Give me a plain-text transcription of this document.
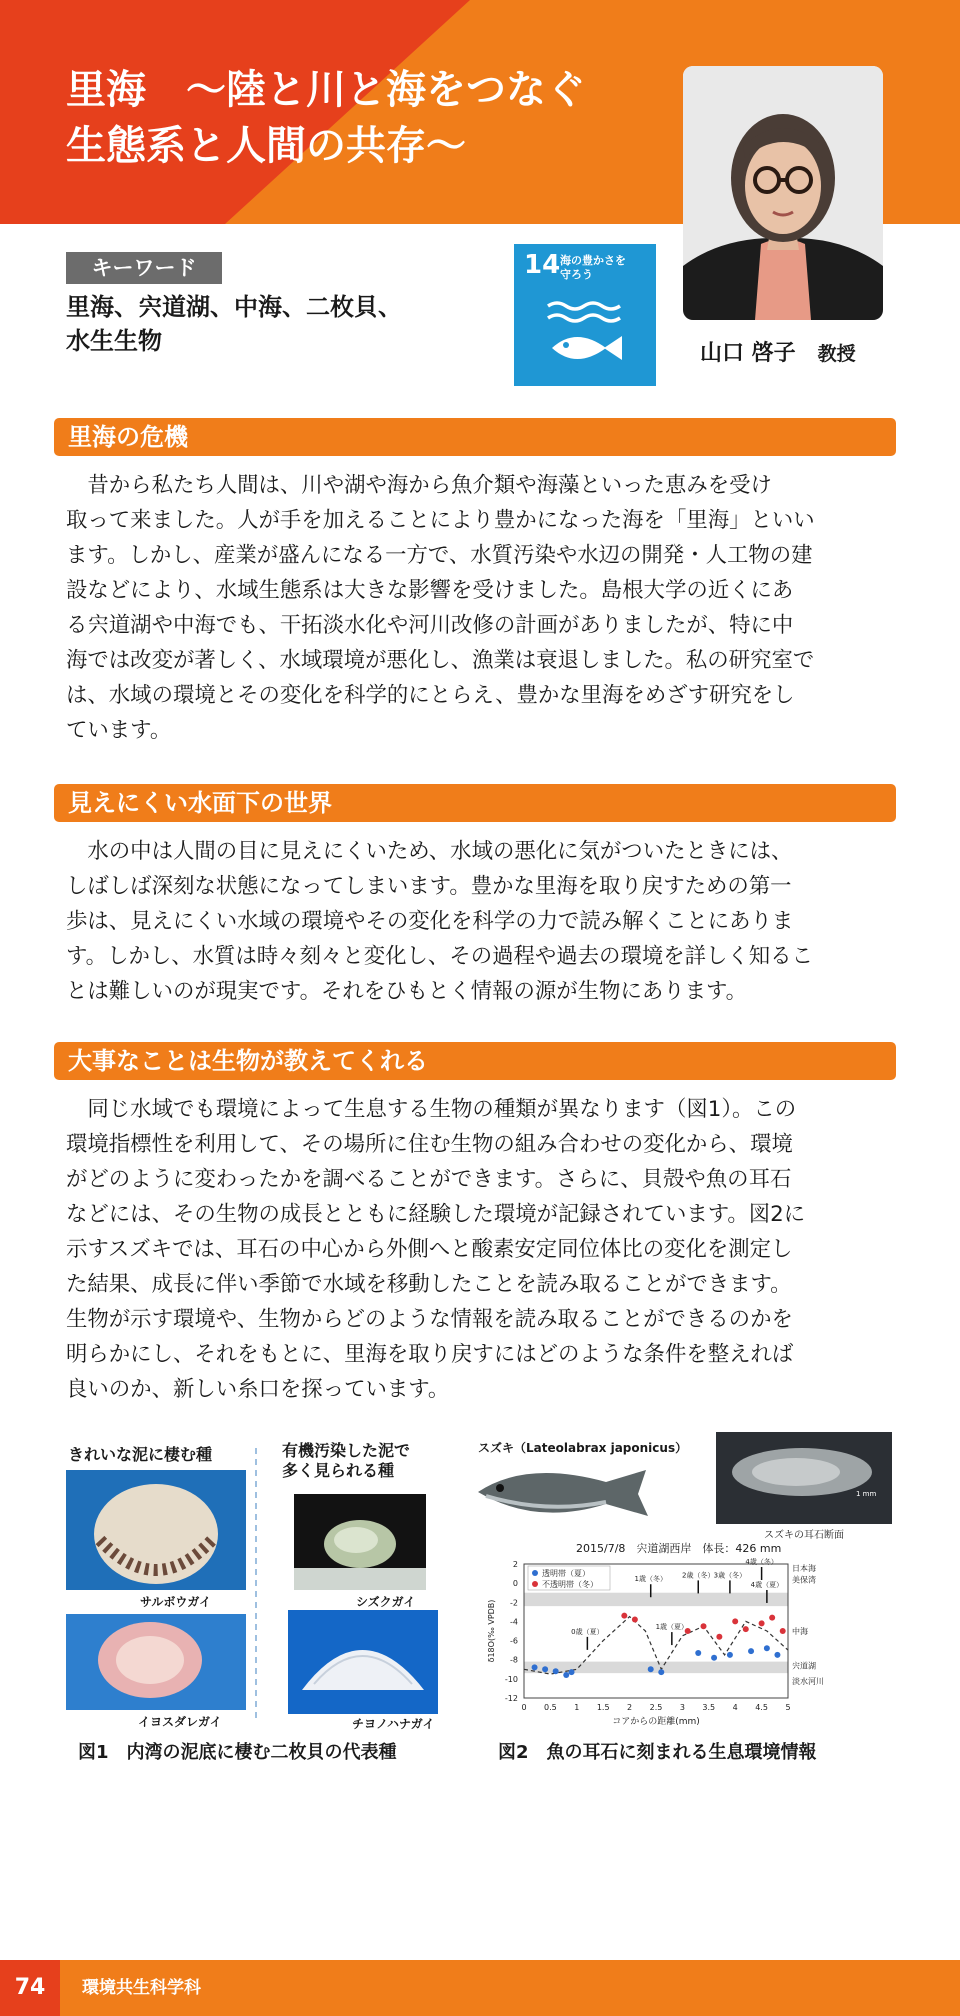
里海　～陸と川と海をつなぐ
生態系と人間の共存～
キーワード
里海、宍道湖、中海、二枚貝、
水生生物
14 海の豊かさを
守ろう
山口 啓子 教授
里海の危機
　昔から私たち人間は、川や湖や海から魚介類や海藻といった恵みを受け
取って来ました。人が手を加えることにより豊かになった海を「里海」といい
ます。しかし、産業が盛んになる一方で、水質汚染や水辺の開発・人工物の建
設などにより、水域生態系は大きな影響を受けました。島根大学の近くにあ
る宍道湖や中海でも、干拓淡水化や河川改修の計画がありましたが、特に中
海では改変が著しく、水域環境が悪化し、漁業は衰退しました。私の研究室で
は、水域の環境とその変化を科学的にとらえ、豊かな里海をめざす研究をし
ています。
見えにくい水面下の世界
　水の中は人間の目に見えにくいため、水域の悪化に気がついたときには、
しばしば深刻な状態になってしまいます。豊かな里海を取り戻すための第一
歩は、見えにくい水域の環境やその変化を科学の力で読み解くことにありま
す。しかし、水質は時々刻々と変化し、その過程や過去の環境を詳しく知るこ
とは難しいのが現実です。それをひもとく情報の源が生物にあります。
大事なことは生物が教えてくれる
　同じ水域でも環境によって生息する生物の種類が異なります（図1）。この
環境指標性を利用して、その場所に住む生物の組み合わせの変化から、環境
がどのように変わったかを調べることができます。さらに、貝殻や魚の耳石
などには、その生物の成長とともに経験した環境が記録されています。図2に
示すスズキでは、耳石の中心から外側へと酸素安定同位体比の変化を測定し
た結果、成長に伴い季節で水域を移動したことを読み取ることができます。
生物が示す環境や、生物からどのような情報を読み取ることができるのかを
明らかにし、それをもとに、里海を取り戻すにはどのような条件を整えれば
良いのか、新しい糸口を探っています。
きれいな泥に棲む種	有機汚染した泥で
多く見られる種
サルボウガイ	シズクガイ
イヨスダレガイ	チヨノハナガイ
スズキ（Lateolabrax japonicus）
1 mm
スズキの耳石断面
2015/7/8　宍道湖西岸　体長：426 mm
2
0
-2
-4
-6
-8
-10
-12
0 0.5 1 1.5 2 2.5 3 3.5 4 4.5 5
コアからの距離(mm)
δ18O(‰ VPDB)
透明帯（夏）
不透明帯（冬）
0歳（夏）
1歳（冬）
1歳（夏）
2歳（冬） 3歳（冬）
4歳（冬）
4歳（夏）
日本海
美保湾
中海
宍道湖
淡水河川
図1　内湾の泥底に棲む二枚貝の代表種	図2　魚の耳石に刻まれる生息環境情報
74	環境共生科学科
